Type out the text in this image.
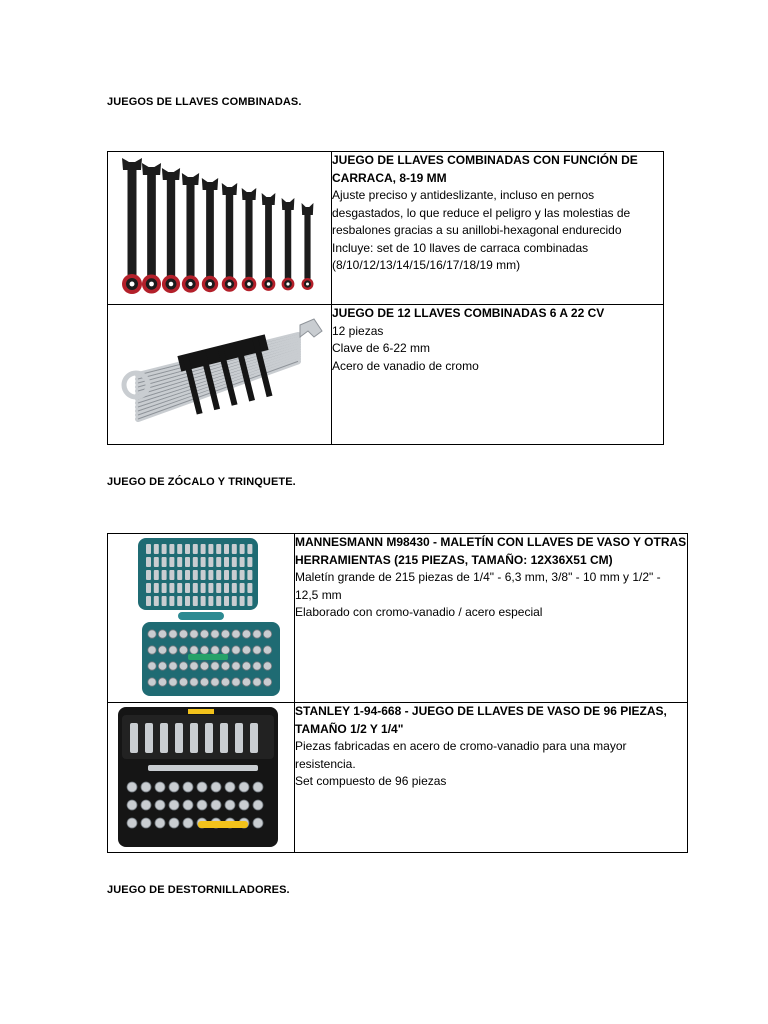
JUEGOS DE LLAVES COMBINADAS.

JUEGO DE LLAVES COMBINADAS CON FUNCIÓN DE CARRACA, 8-19 MM

Ajuste preciso y antideslizante, incluso en pernos desgastados, lo que reduce el peligro y las molestias de resbalones gracias a su anillobi-hexagonal endurecido

Incluye: set de 10 llaves de carraca combinadas (8/10/12/13/14/15/16/17/18/19 mm)

JUEGO DE 12 LLAVES COMBINADAS 6 A 22 CV

12 piezas

Clave de 6-22 mm

Acero de vanadio de cromo

JUEGO DE ZÓCALO Y TRINQUETE.

MANNESMANN M98430 - MALETÍN CON LLAVES DE VASO Y OTRAS HERRAMIENTAS (215 PIEZAS, TAMAÑO: 12X36X51 CM)

Maletín grande de 215 piezas de 1/4" - 6,3 mm, 3/8" - 10 mm y 1/2" - 12,5 mm

Elaborado con cromo-vanadio / acero especial

STANLEY 1-94-668 - JUEGO DE LLAVES DE VASO DE 96 PIEZAS, TAMAÑO 1/2 Y 1/4"

Piezas fabricadas en acero de cromo-vanadio para una mayor resistencia.

Set compuesto de 96 piezas

JUEGO DE DESTORNILLADORES.
